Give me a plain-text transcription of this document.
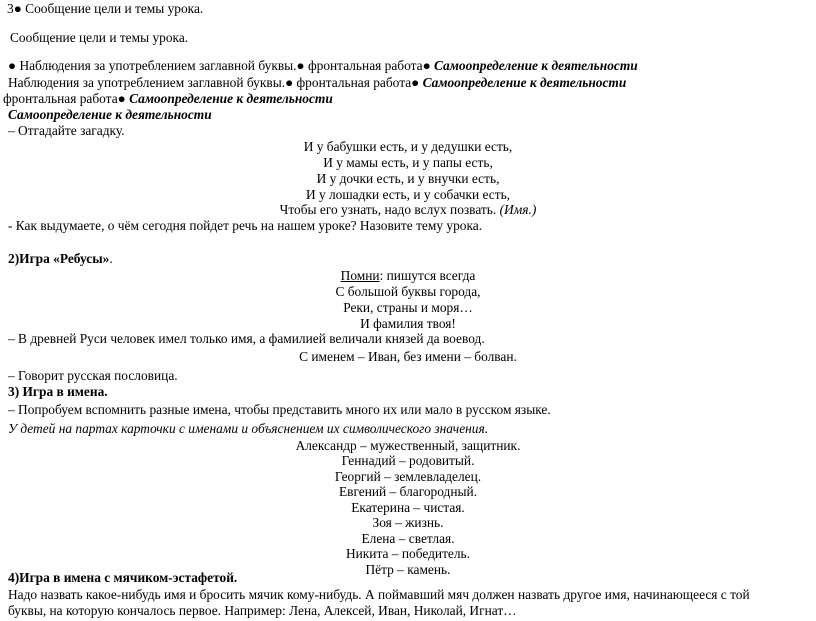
3● Сообщение цели и темы урока.
Сообщение цели и темы урока.
● Наблюдения за употреблением заглавной буквы.● фронтальная работа● Самоопределение к деятельности
Наблюдения за употреблением заглавной буквы.● фронтальная работа● Самоопределение к деятельности
фронтальная работа● Самоопределение к деятельности
Самоопределение к деятельности
– Отгадайте загадку.
И у бабушки есть, и у дедушки есть,
И у мамы есть, и у папы есть,
И у дочки есть, и у внучки есть,
И у лошадки есть, и у собачки есть,
Чтобы его узнать, надо вслух позвать. (Имя.)
- Как выдумаете, о чём сегодня пойдет речь на нашем уроке? Назовите тему урока.
2)Игра «Ребусы».
Помни: пишутся всегда
С большой буквы города,
Реки, страны и моря…
И фамилия твоя!
– В древней Руси человек имел только имя, а фамилией величали князей да воевод.
С именем – Иван, без имени – болван.
– Говорит русская пословица.
3) Игра в имена.
– Попробуем вспомнить разные имена, чтобы представить много их или мало в русском языке.
У детей на партах карточки с именами и объяснением их символического значения.
Александр – мужественный, защитник.
Геннадий – родовитый.
Георгий – землевладелец.
Евгений – благородный.
Екатерина – чистая.
Зоя – жизнь.
Елена – светлая.
Никита – победитель.
Пётр – камень.
4)Игра в имена с мячиком-эстафетой.
Надо назвать какое-нибудь имя и бросить мячик кому-нибудь. А поймавший мяч должен назвать другое имя, начинающееся с той
буквы, на которую кончалось первое. Например: Лена, Алексей, Иван, Николай, Игнат…
